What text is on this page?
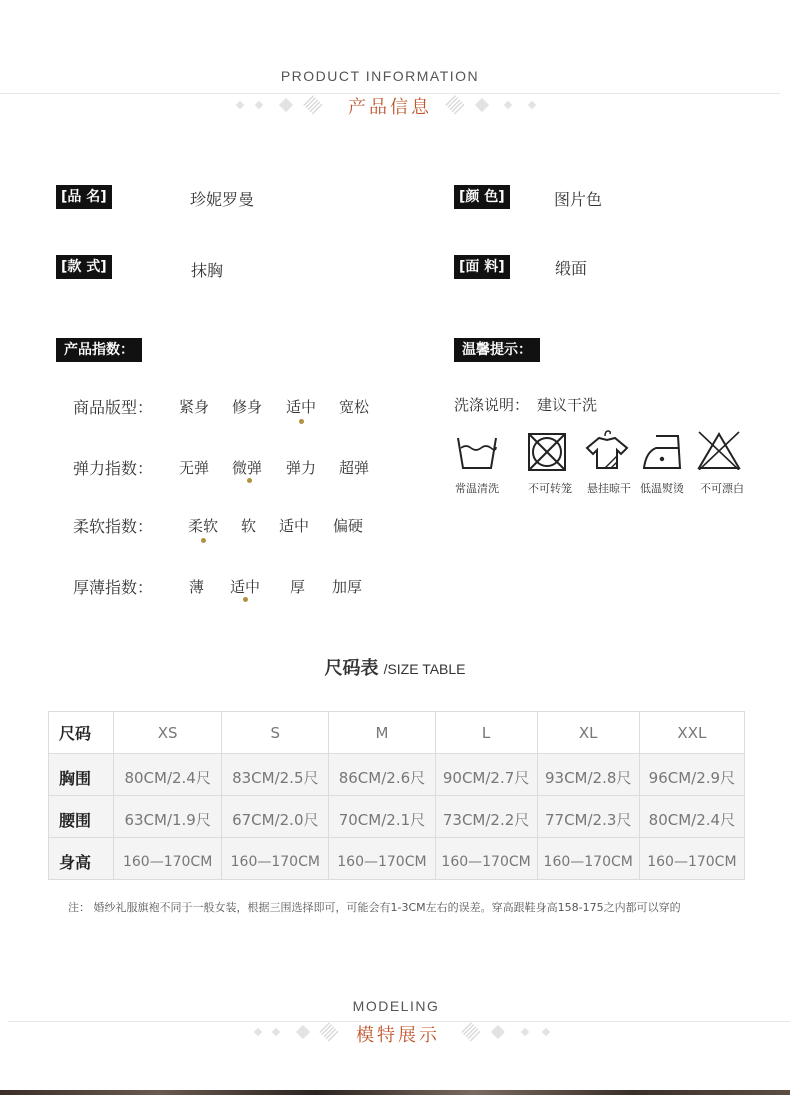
PRODUCT INFORMATION
产品信息
[品 名]	珍妮罗曼	[颜 色]	图片色
[款 式]	抹胸	[面 料]	缎面
产品指数：
商品版型： 紧身 修身 适中 宽松
弹力指数： 无弹 微弹 弹力 超弹
柔软指数： 柔软 软 适中 偏硬
厚薄指数： 薄 适中 厚 加厚
温馨提示：
洗涤说明： 建议干洗
常温清洗	不可转笼	悬挂晾干 低温熨烫	不可漂白
尺码表 /SIZE TABLE
尺码	XS	S	M	L	XL	XXL
胸围	80CM/2.4尺	83CM/2.5尺	86CM/2.6尺	90CM/2.7尺	93CM/2.8尺	96CM/2.9尺
腰围	63CM/1.9尺	67CM/2.0尺	70CM/2.1尺	73CM/2.2尺	77CM/2.3尺	80CM/2.4尺
身高	160—170CM	160—170CM	160—170CM	160—170CM	160—170CM	160—170CM
注： 婚纱礼服旗袍不同于一般女装，根据三围选择即可，可能会有1-3CM左右的误差。穿高跟鞋身高158-175之内都可以穿的
MODELING
模特展示
